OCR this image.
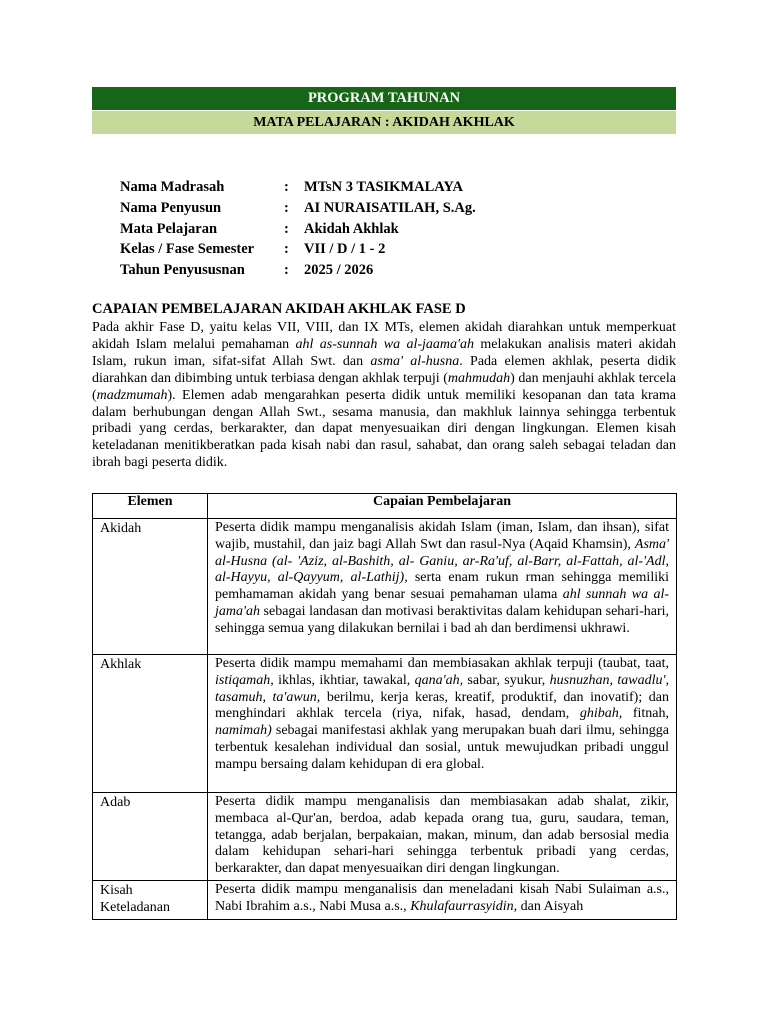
PROGRAM TAHUNAN
MATA PELAJARAN : AKIDAH AKHLAK
Nama Madrasah	:	MTsN 3 TASIKMALAYA
Nama Penyusun	:	AI NURAISATILAH, S.Ag.
Mata Pelajaran	:	Akidah Akhlak
Kelas / Fase Semester	:	VII / D / 1 - 2
Tahun Penyususnan	:	2025 / 2026
CAPAIAN PEMBELAJARAN AKIDAH AKHLAK FASE D

Pada akhir Fase D, yaitu kelas VII, VIII, dan IX MTs, elemen akidah diarahkan untuk memperkuat akidah Islam melalui pemahaman ahl as-sunnah wa al-jaama'ah melakukan analisis materi akidah Islam, rukun iman, sifat-sifat Allah Swt. dan asma' al-husna. Pada elemen akhlak, peserta didik diarahkan dan dibimbing untuk terbiasa dengan akhlak terpuji (mahmudah) dan menjauhi akhlak tercela (madzmumah). Elemen adab mengarahkan peserta didik untuk memiliki kesopanan dan tata krama dalam berhubungan dengan Allah Swt., sesama manusia, dan makhluk lainnya sehingga terbentuk pribadi yang cerdas, berkarakter, dan dapat menyesuaikan diri dengan lingkungan. Elemen kisah keteladanan menitikberatkan pada kisah nabi dan rasul, sahabat, dan orang saleh sebagai teladan dan ibrah bagi peserta didik.

Elemen	Capaian Pembelajaran
Akidah	Peserta didik mampu menganalisis akidah Islam (iman, Islam, dan ihsan), sifat wajib, mustahil, dan jaiz bagi Allah Swt dan rasul-Nya (Aqaid Khamsin), Asma' al-Husna (al- 'Aziz, al-Bashith, al- Ganiu, ar-Ra'uf, al-Barr, al-Fattah, al-'Adl, al-Hayyu, al-Qayyum, al-Lathij), serta enam rukun rman sehingga memiliki pemhamaman akidah yang benar sesuai pemahaman ulama ahl sunnah wa al-jama'ah sebagai landasan dan motivasi beraktivitas dalam kehidupan sehari-hari, sehingga semua yang dilakukan bernilai i bad ah dan berdimensi ukhrawi.
Akhlak	Peserta didik mampu memahami dan membiasakan akhlak terpuji (taubat, taat, istiqamah, ikhlas, ikhtiar, tawakal, qana'ah, sabar, syukur, husnuzhan, tawadlu', tasamuh, ta'awun, berilmu, kerja keras, kreatif, produktif, dan inovatif); dan menghindari akhlak tercela (riya, nifak, hasad, dendam, ghibah, fitnah, namimah) sebagai manifestasi akhlak yang merupakan buah dari ilmu, sehingga terbentuk kesalehan individual dan sosial, untuk mewujudkan pribadi unggul mampu bersaing dalam kehidupan di era global.
Adab	Peserta didik mampu menganalisis dan membiasakan adab shalat, zikir, membaca al-Qur'an, berdoa, adab kepada orang tua, guru, saudara, teman, tetangga, adab berjalan, berpakaian, makan, minum, dan adab bersosial media dalam kehidupan sehari-hari sehingga terbentuk pribadi yang cerdas, berkarakter, dan dapat menyesuaikan diri dengan lingkungan.
Kisah Keteladanan	Peserta didik mampu menganalisis dan meneladani kisah Nabi Sulaiman a.s., Nabi Ibrahim a.s., Nabi Musa a.s., Khulafaurrasyidin, dan Aisyah
